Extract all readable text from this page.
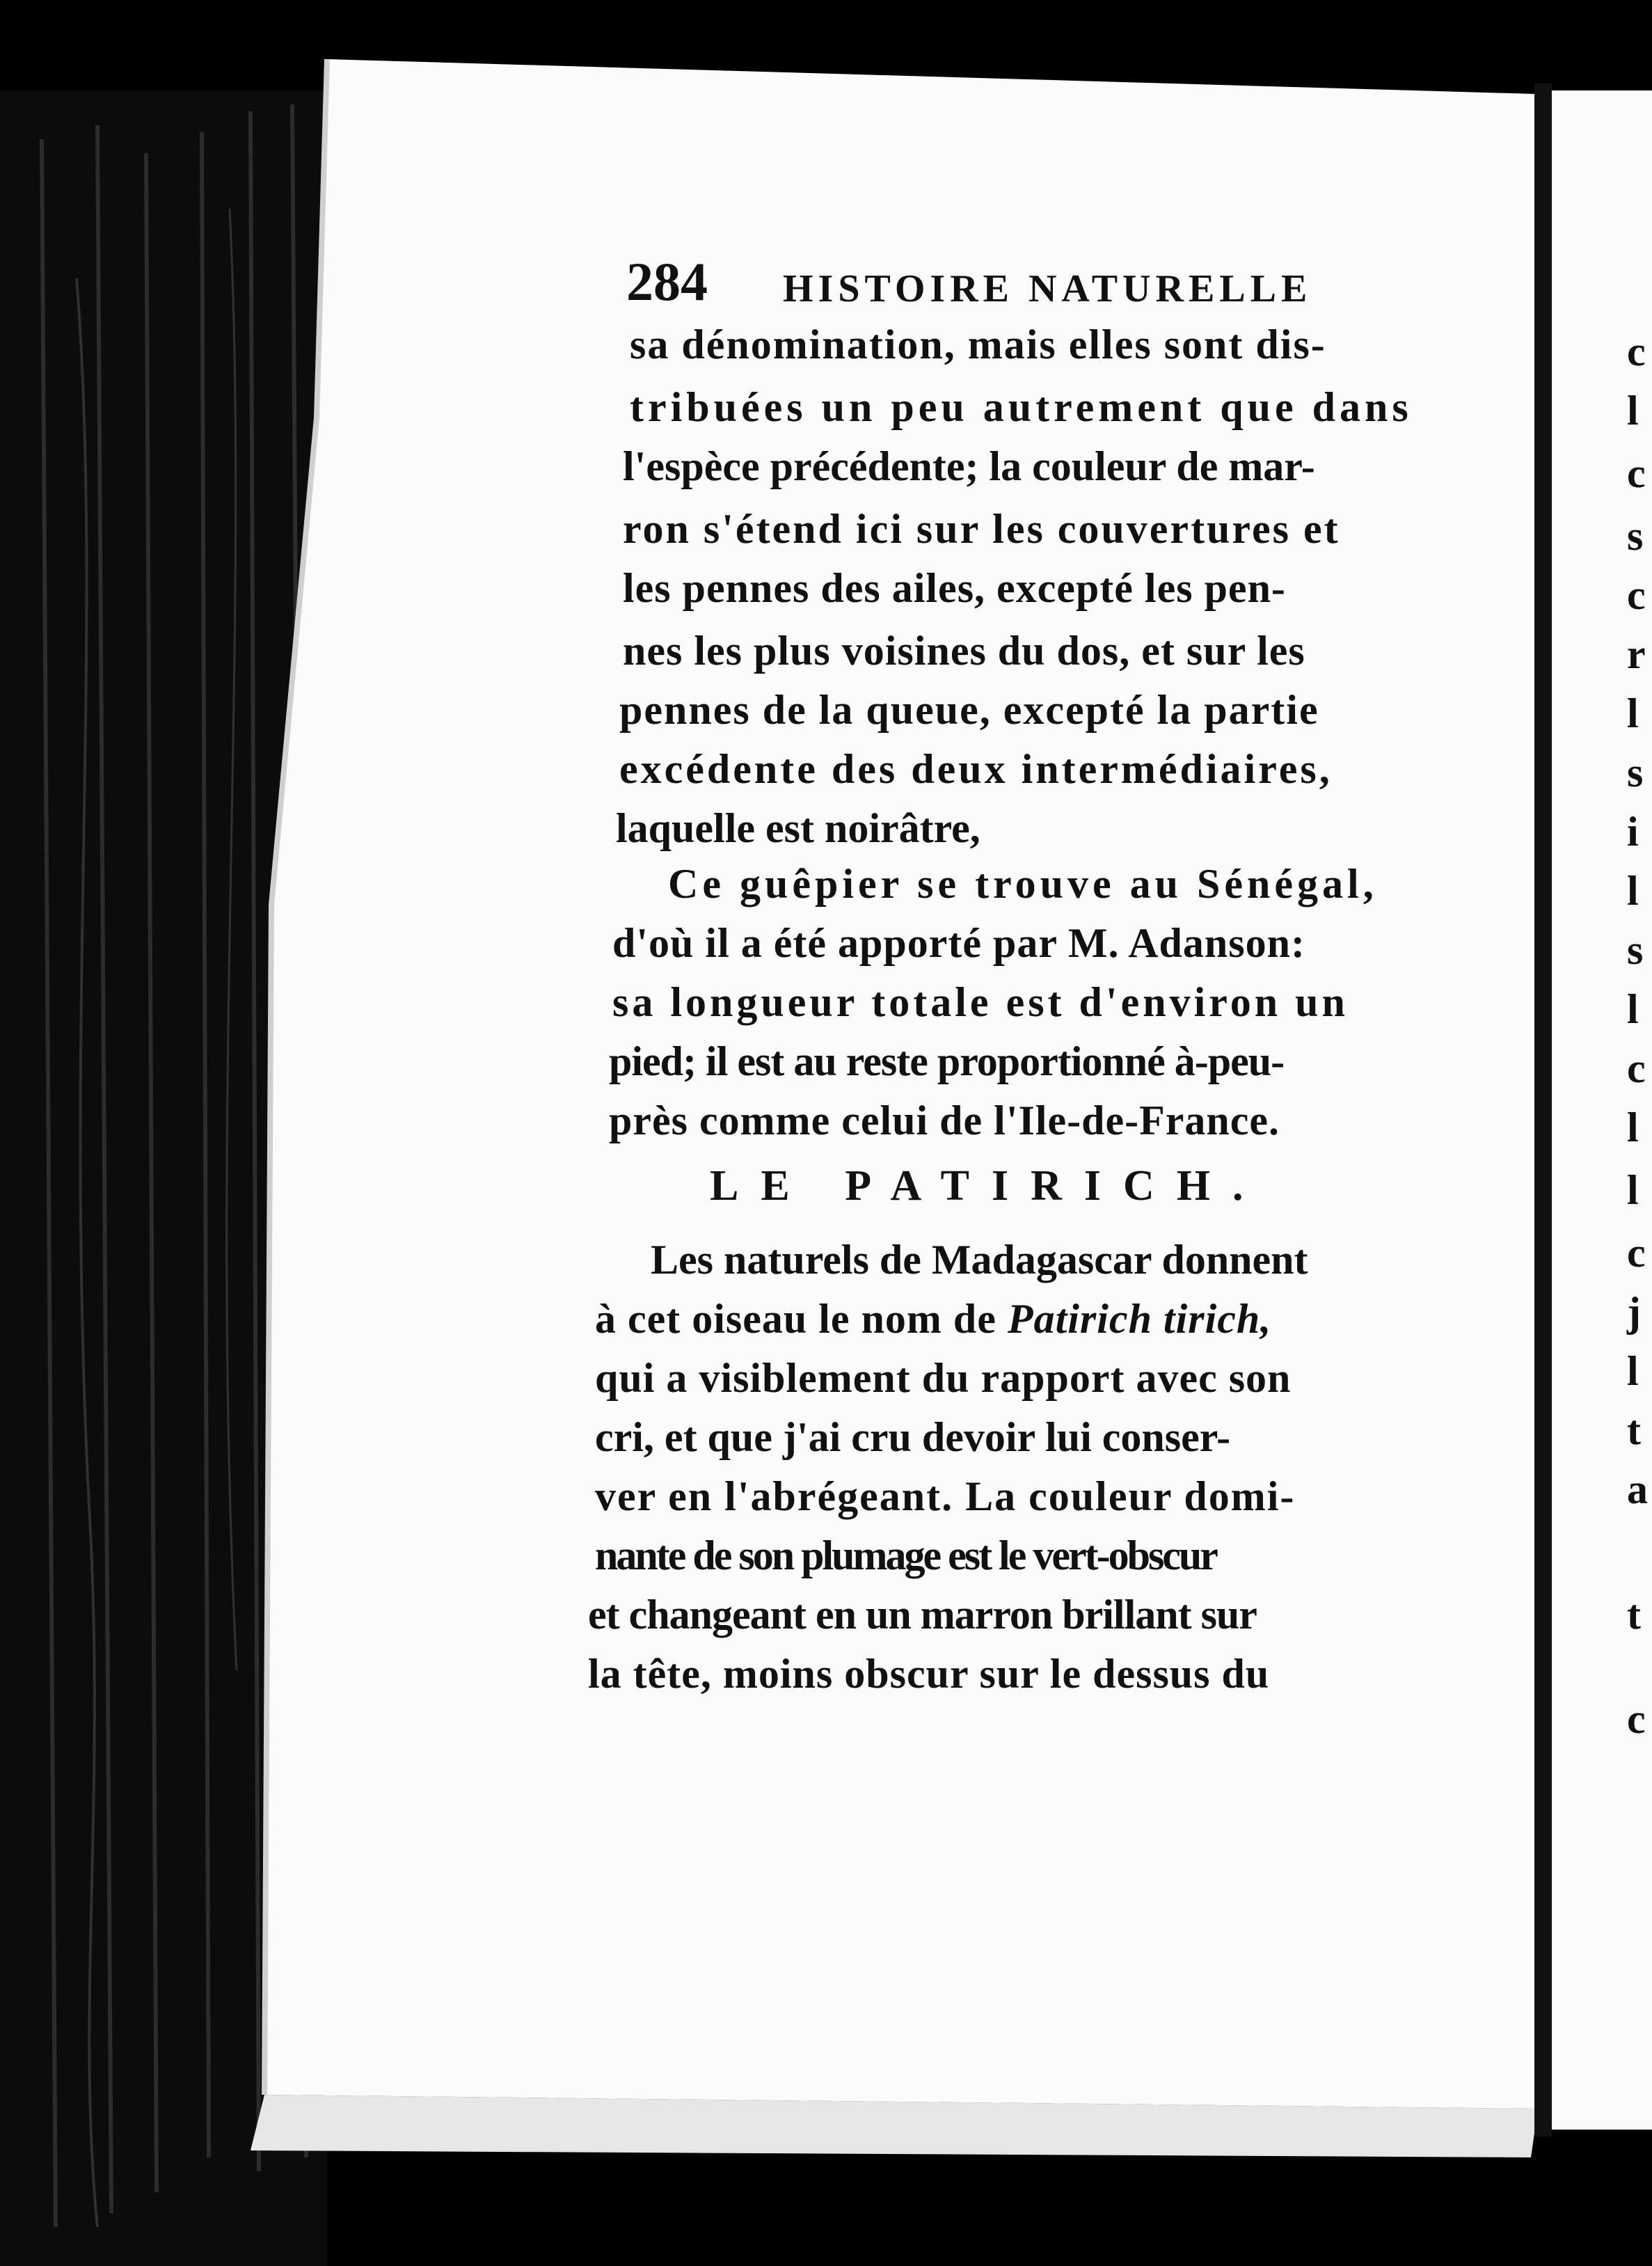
284 HISTOIRE NATURELLE
sa dénomination, mais elles sont dis-
tribuées un peu autrement que dans
l'espèce précédente; la couleur de mar-
ron s'étend ici sur les couvertures et
les pennes des ailes, excepté les pen-
nes les plus voisines du dos, et sur les
pennes de la queue, excepté la partie
excédente des deux intermédiaires,
laquelle est noirâtre,
Ce guêpier se trouve au Sénégal,
d'où il a été apporté par M. Adanson:
sa longueur totale est d'environ un
pied; il est au reste proportionné à-peu-
près comme celui de l'Ile-de-France.
LE PATIRICH.
Les naturels de Madagascar donnent
à cet oiseau le nom de Patirich tirich,
qui a visiblement du rapport avec son
cri, et que j'ai cru devoir lui conser-
ver en l'abrégeant. La couleur domi-
nante de son plumage est le vert-obscur
et changeant en un marron brillant sur
la tête, moins obscur sur le dessus du
c
l
c
s
c
r
l
s
i
l
s
l
c
l
l
c
j
l
t
a
t
c
